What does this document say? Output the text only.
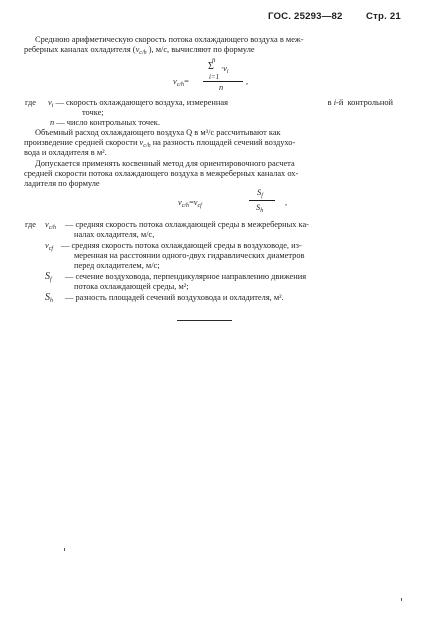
ГОС. 25293—82 Стр. 21
Среднюю арифметическую скорость потока охлаждающего воздуха в меж-
реберных каналах охладителя ($v_{c/h}$ ), м/с, вычисляют по формуле
$v_{c/h}=$
n
$\Sigma \cdot v_i$
i=1
n
,
где $v_i$ — скорость охлаждающего воздуха, измеренная	в i-й контрольной
точке;
n — число контрольных точек.
Объемный расход охлаждающего воздуха Q в м³/с рассчитывают как
произведение средней скорости $v_{c/h}$ на разность площадей сечений воздухо-
вода и охладителя в м².
Допускается применять косвенный метод для ориентировочного расчета
средней скорости потока охлаждающего воздуха в межреберных каналах ох-
ладителя по формуле
$v_{c/h}=v_{cf}$
$S_f$
$S_h$
,
где $v_{c/h}$ — средняя скорость потока охлаждающей среды в межреберных ка-
налах охладителя, м/с,
$v_{cf}$ — средняя скорость потока охлаждающей среды в воздуховоде, из-
меренная на расстоянии одного-двух гидравлических диаметров
перед охладителем, м/с;
$S_f$ — сечение воздуховода, перпендикулярное направлению движения
потока охлаждающей среды, м²;
$S_h$ — разность площадей сечений воздуховода и охладителя, м².
